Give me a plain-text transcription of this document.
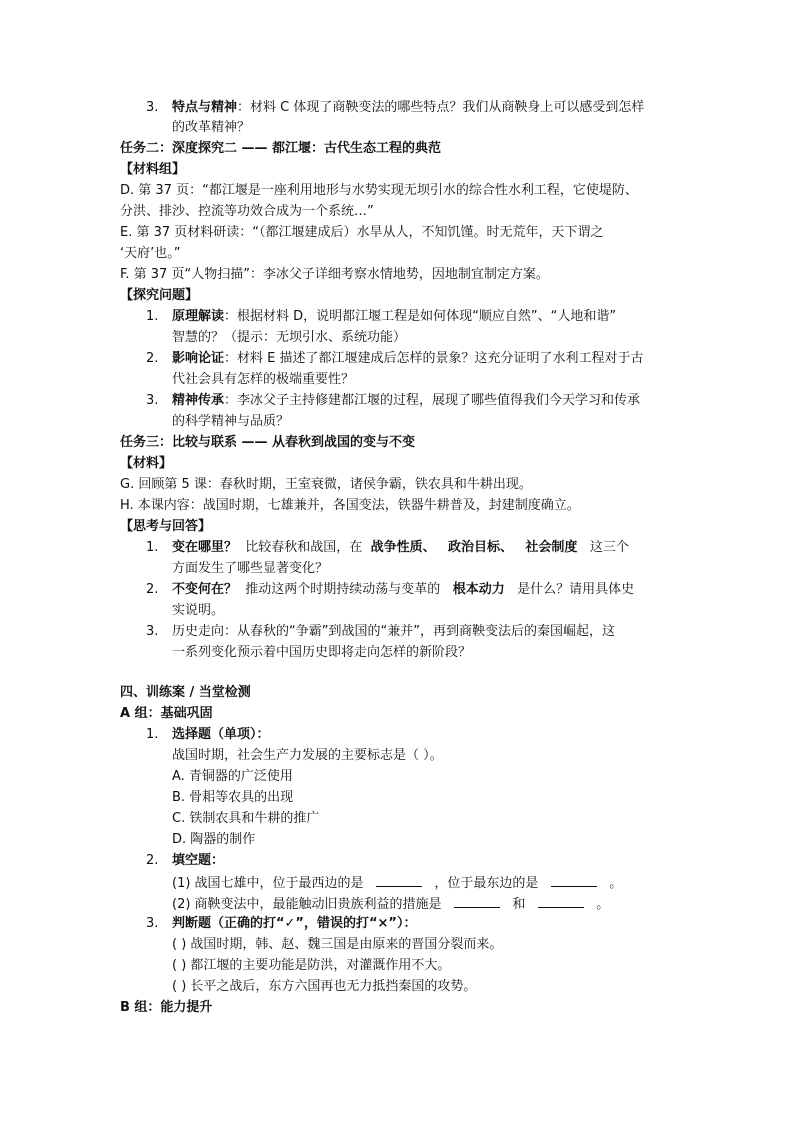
3. 特点与精神：材料 C 体现了商鞅变法的哪些特点？我们从商鞅身上可以感受到怎样
的改革精神？
任务二：深度探究二 —— 都江堰：古代生态工程的典范
【材料组】
D. 第 37 页：“都江堰是一座利用地形与水势实现无坝引水的综合性水利工程，它使堤防、
分洪、排沙、控流等功效合成为一个系统…”
E. 第 37 页材料研读：“（都江堰建成后）水旱从人，不知饥馑。时无荒年，天下谓之
‘天府’也。”
F. 第 37 页“人物扫描”：李冰父子详细考察水情地势，因地制宜制定方案。
【探究问题】
1. 原理解读：根据材料 D，说明都江堰工程是如何体现“顺应自然”、“人地和谐”
智慧的？（提示：无坝引水、系统功能）
2. 影响论证：材料 E 描述了都江堰建成后怎样的景象？这充分证明了水利工程对于古
代社会具有怎样的极端重要性？
3. 精神传承：李冰父子主持修建都江堰的过程，展现了哪些值得我们今天学习和传承
的科学精神与品质？
任务三：比较与联系 —— 从春秋到战国的变与不变
【材料】
G. 回顾第 5 课：春秋时期，王室衰微，诸侯争霸，铁农具和牛耕出现。
H. 本课内容：战国时期，七雄兼并，各国变法，铁器牛耕普及，封建制度确立。
【思考与回答】
1. 变在哪里？ 比较春秋和战国，在 战争性质、 政治目标、 社会制度 这三个
方面发生了哪些显著变化？
2. 不变何在？ 推动这两个时期持续动荡与变革的 根本动力 是什么？请用具体史
实说明。
3. 历史走向：从春秋的“争霸”到战国的“兼并”，再到商鞅变法后的秦国崛起，这
一系列变化预示着中国历史即将走向怎样的新阶段？
四、训练案 / 当堂检测
A 组：基础巩固
1. 选择题（单项）：
战国时期，社会生产力发展的主要标志是（ ）。
A. 青铜器的广泛使用
B. 骨耜等农具的出现
C. 铁制农具和牛耕的推广
D. 陶器的制作
2. 填空题：
(1) 战国七雄中，位于最西边的是	，位于最东边的是	。
(2) 商鞅变法中，最能触动旧贵族利益的措施是	和	。
3. 判断题（正确的打“✓”，错误的打“×”）：
( ) 战国时期，韩、赵、魏三国是由原来的晋国分裂而来。
( ) 都江堰的主要功能是防洪，对灌溉作用不大。
( ) 长平之战后，东方六国再也无力抵挡秦国的攻势。
B 组：能力提升
